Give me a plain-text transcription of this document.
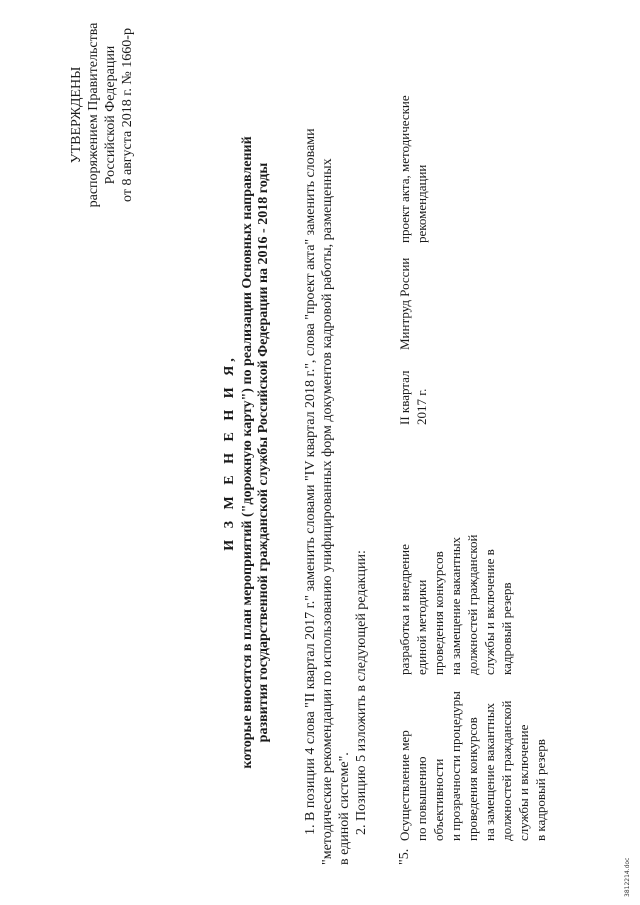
УТВЕРЖДЕНЫ распоряжением Правительства Российской Федерации от 8 августа 2018 г. № 1660-р
И З М Е Н Е Н И Я, которые вносятся в план мероприятий ("дорожную карту") по реализации Основных направлений развития государственной гражданской службы Российской Федерации на 2016 - 2018 годы 1. В позиции 4 слова "II квартал 2017 г." заменить словами "IV квартал 2018 г.", слова "проект акта" заменить словами "методические рекомендации по использованию унифицированных форм документов кадровой работы, размещенных в единой системе". 2. Позицию 5 изложить в следующей редакции:
"5.
Осуществление мер по повышению объективности и прозрачности процедуры проведения конкурсов на замещение вакантных должностей гражданской службы и включение в кадровый резерв
разработка и внедрение единой методики проведения конкурсов на замещение вакантных должностей гражданской службы и включение в кадровый резерв
II квартал 2017 г.
Минтруд России
проект акта, методические рекомендации
3812214.doc
